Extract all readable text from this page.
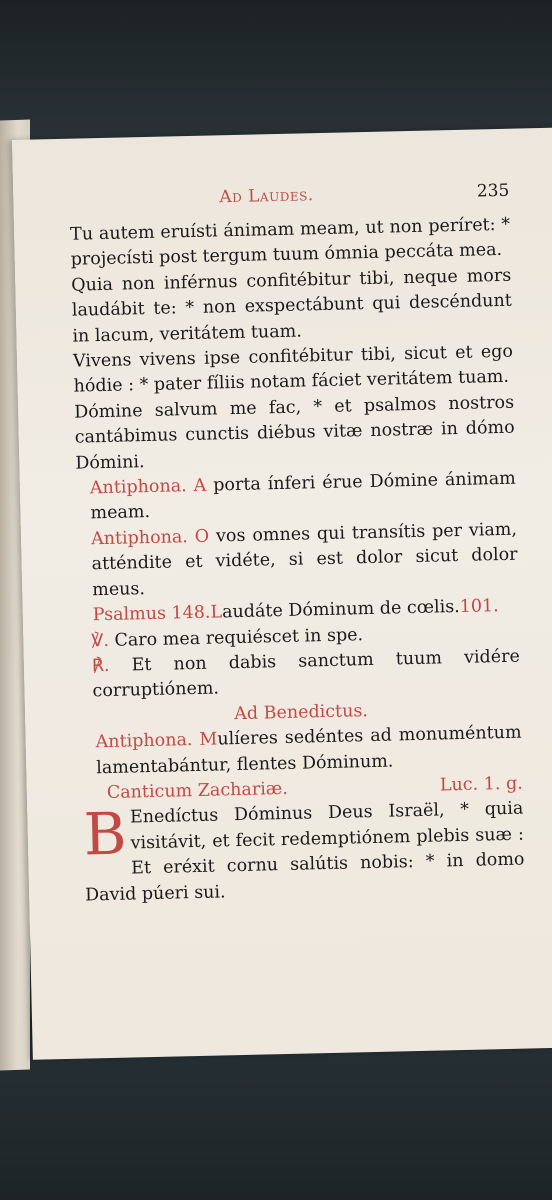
Ad Laudes.	235

Tu autem eruísti ánimam meam, ut non períret: * projecísti post tergum tuum ómnia peccáta mea.

Quia non inférnus confitébitur tibi, neque mors laudábit te: * non exspectábunt qui descéndunt in lacum, veritátem tuam.

Vivens vivens ipse confitébitur tibi, sicut et ego hódie : * pater fíliis notam fáciet veritátem tuam.

Dómine salvum me fac, * et psalmos nostros cantábimus cunctis diébus vitæ nostræ in dómo Dómini.

Antiphona. A porta ínferi érue Dómine ánimam meam.

Antiphona. O vos omnes qui transítis per viam, atténdite et vidéte, si est dolor sicut dolor meus.

Psalmus 148.Laudáte Dóminum de cœlis.101.

℣. Caro mea requiéscet in spe.

℟. Et non dabis sanctum tuum vidére corruptiónem.

Ad Benedictus.

Antiphona. Mulíeres sedéntes ad monuméntum lamentabántur, flentes Dóminum.

Canticum Zachariæ.	Luc. 1. g.
B Enedíctus Dóminus Deus Israël, * quia visitávit, et fecit redemptiónem plebis suæ : Et eréxit cornu salútis nobis: * in domo David púeri sui.
